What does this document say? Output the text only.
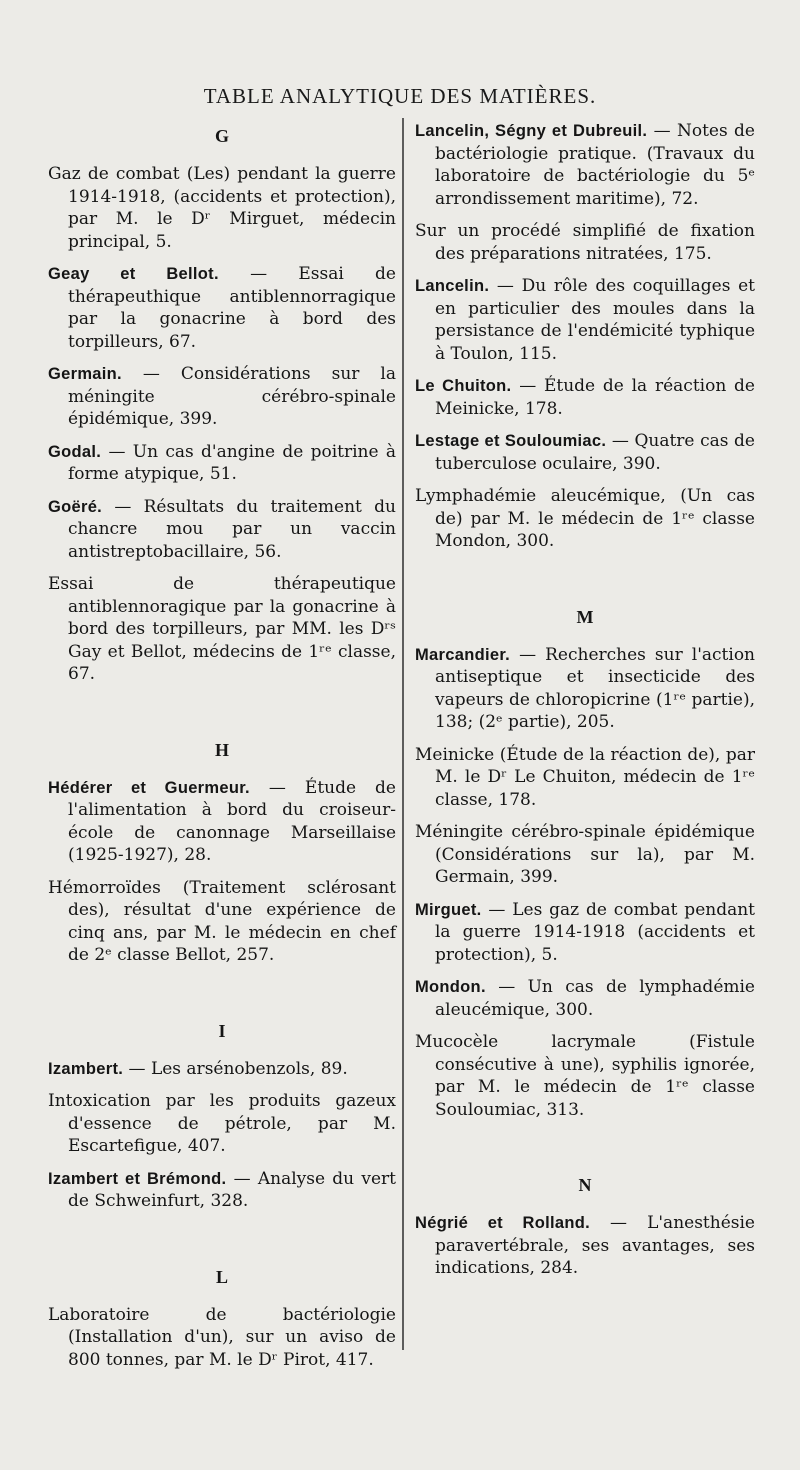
TABLE ANALYTIQUE DES MATIÈRES.
G
Gaz de combat (Les) pendant la guerre 1914-1918, (accidents et protection), par M. le Dʳ Mirguet, médecin principal, 5.
Geay et Bellot. — Essai de thérapeuthique antiblennorragique par la gonacrine à bord des torpilleurs, 67.
Germain. — Considérations sur la méningite cérébro-spinale épidémique, 399.
Godal. — Un cas d'angine de poitrine à forme atypique, 51.
Goëré. — Résultats du traitement du chancre mou par un vaccin antistreptobacillaire, 56.
Essai de thérapeutique antiblennoragique par la gonacrine à bord des torpilleurs, par MM. les Dʳˢ Gay et Bellot, médecins de 1ʳᵉ classe, 67.
H
Hédérer et Guermeur. — Étude de l'alimentation à bord du croiseur-école de canonnage Marseillaise (1925-1927), 28.
Hémorroïdes (Traitement sclérosant des), résultat d'une expérience de cinq ans, par M. le médecin en chef de 2ᵉ classe Bellot, 257.
I
Izambert. — Les arsénobenzols, 89.
Intoxication par les produits gazeux d'essence de pétrole, par M. Escartefigue, 407.
Izambert et Brémond. — Analyse du vert de Schweinfurt, 328.
L
Laboratoire de bactériologie (Installation d'un), sur un aviso de 800 tonnes, par M. le Dʳ Pirot, 417.
Lancelin, Ségny et Dubreuil. — Notes de bactériologie pratique. (Travaux du laboratoire de bactériologie du 5ᵉ arrondissement maritime), 72.
Sur un procédé simplifié de fixation des préparations nitratées, 175.
Lancelin. — Du rôle des coquillages et en particulier des moules dans la persistance de l'endémicité typhique à Toulon, 115.
Le Chuiton. — Étude de la réaction de Meinicke, 178.
Lestage et Souloumiac. — Quatre cas de tuberculose oculaire, 390.
Lymphadémie aleucémique, (Un cas de) par M. le médecin de 1ʳᵉ classe Mondon, 300.
M
Marcandier. — Recherches sur l'action antiseptique et insecticide des vapeurs de chloropicrine (1ʳᵉ partie), 138; (2ᵉ partie), 205.
Meinicke (Étude de la réaction de), par M. le Dʳ Le Chuiton, médecin de 1ʳᵉ classe, 178.
Méningite cérébro-spinale épidémique (Considérations sur la), par M. Germain, 399.
Mirguet. — Les gaz de combat pendant la guerre 1914-1918 (accidents et protection), 5.
Mondon. — Un cas de lymphadémie aleucémique, 300.
Mucocèle lacrymale (Fistule consécutive à une), syphilis ignorée, par M. le médecin de 1ʳᵉ classe Souloumiac, 313.
N
Négrié et Rolland. — L'anesthésie paravertébrale, ses avantages, ses indications, 284.
